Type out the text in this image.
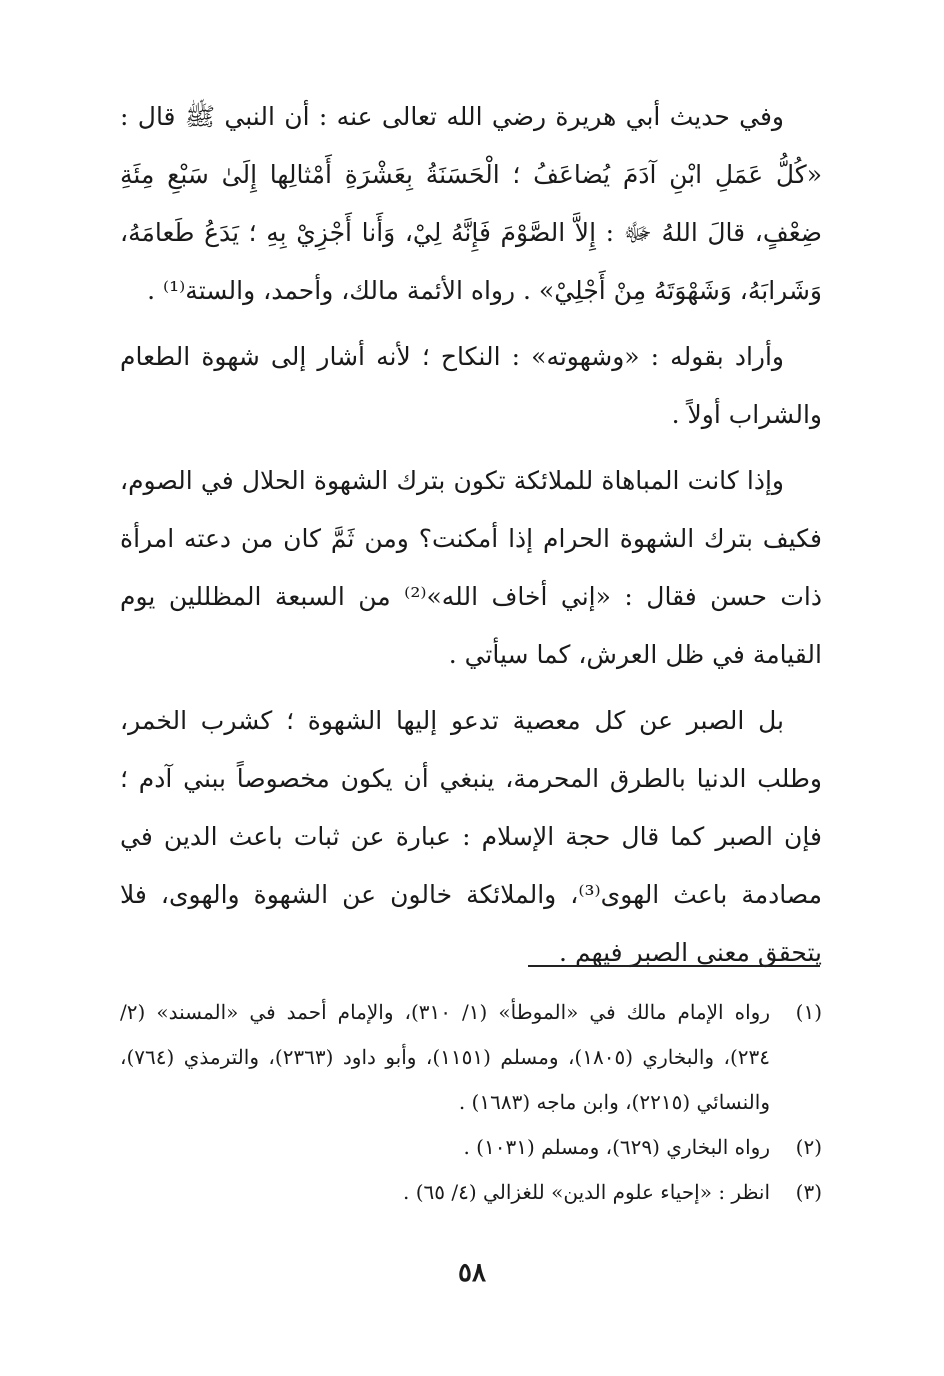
وفي حديث أبي هريرة رضي الله تعالى عنه : أن النبي ﷺ قال : «كُلُّ عَمَلِ ابْنِ آدَمَ يُضاعَفُ ؛ الْحَسَنَةُ بِعَشْرَةِ أَمْثالِها إِلَىٰ سَبْعِ مِئَةِ ضِعْفٍ، قالَ اللهُ ﷻ : إِلاَّ الصَّوْمَ فَإِنَّهُ لِيْ، وَأَنا أَجْزِيْ بِهِ ؛ يَدَعُ طَعامَهُ، وَشَرابَهُ، وَشَهْوَتَهُ مِنْ أَجْلِيْ» . رواه الأئمة مالك، وأحمد، والستة⁽¹⁾ .

وأراد بقوله : «وشهوته» : النكاح ؛ لأنه أشار إلى شهوة الطعام والشراب أولاً .

وإذا كانت المباهاة للملائكة تكون بترك الشهوة الحلال في الصوم، فكيف بترك الشهوة الحرام إذا أمكنت؟ ومن ثَمَّ كان من دعته امرأة ذات حسن فقال : «إني أخاف الله»⁽²⁾ من السبعة المظللين يوم القيامة في ظل العرش، كما سيأتي .

بل الصبر عن كل معصية تدعو إليها الشهوة ؛ كشرب الخمر، وطلب الدنيا بالطرق المحرمة، ينبغي أن يكون مخصوصاً ببني آدم ؛ فإن الصبر كما قال حجة الإسلام : عبارة عن ثبات باعث الدين في مصادمة باعث الهوى⁽³⁾، والملائكة خالون عن الشهوة والهوى، فلا يتحقق معنى الصبر فيهم .

(١)
رواه الإمام مالك في «الموطأ» (١/ ٣١٠)، والإمام أحمد في «المسند» (٢/ ٢٣٤)، والبخاري (١٨٠٥)، ومسلم (١١٥١)، وأبو داود (٢٣٦٣)، والترمذي (٧٦٤)، والنسائي (٢٢١٥)، وابن ماجه (١٦٨٣) .
(٢)
رواه البخاري (٦٢٩)، ومسلم (١٠٣١) .
(٣)
انظر : «إحياء علوم الدين» للغزالي (٤/ ٦٥) .
٥٨
